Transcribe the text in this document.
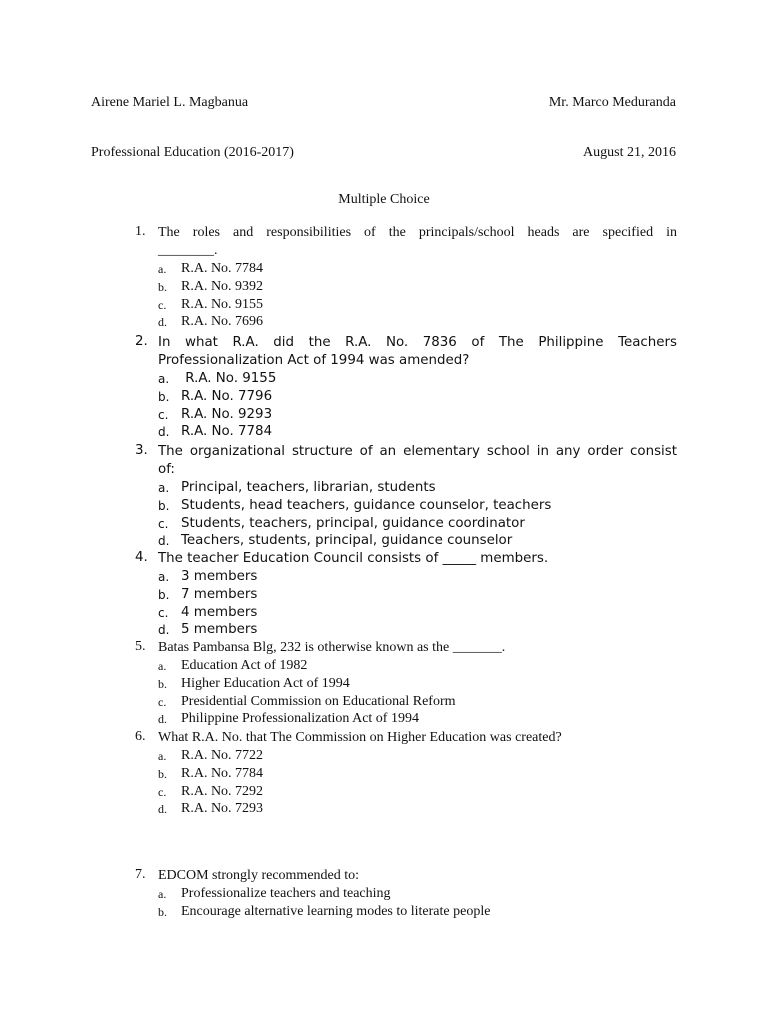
Airene Mariel L. Magbanua	Mr. Marco Meduranda
Professional Education (2016-2017)	August 21, 2016
Multiple Choice
1. The roles and responsibilities of the principals/school heads are specified in
________.
a. R.A. No. 7784
b. R.A. No. 9392
c. R.A. No. 9155
d. R.A. No. 7696
2. In what R.A. did the R.A. No. 7836 of The Philippine Teachers
Professionalization Act of 1994 was amended?
a. R.A. No. 9155
b. R.A. No. 7796
c. R.A. No. 9293
d. R.A. No. 7784
3. The organizational structure of an elementary school in any order consist
of:
a. Principal, teachers, librarian, students
b. Students, head teachers, guidance counselor, teachers
c. Students, teachers, principal, guidance coordinator
d. Teachers, students, principal, guidance counselor
4. The teacher Education Council consists of _____ members.
a. 3 members
b. 7 members
c. 4 members
d. 5 members
5. Batas Pambansa Blg, 232 is otherwise known as the _______.
a. Education Act of 1982
b. Higher Education Act of 1994
c. Presidential Commission on Educational Reform
d. Philippine Professionalization Act of 1994
6. What R.A. No. that The Commission on Higher Education was created?
a. R.A. No. 7722
b. R.A. No. 7784
c. R.A. No. 7292
d. R.A. No. 7293
7. EDCOM strongly recommended to:
a. Professionalize teachers and teaching
b. Encourage alternative learning modes to literate people
